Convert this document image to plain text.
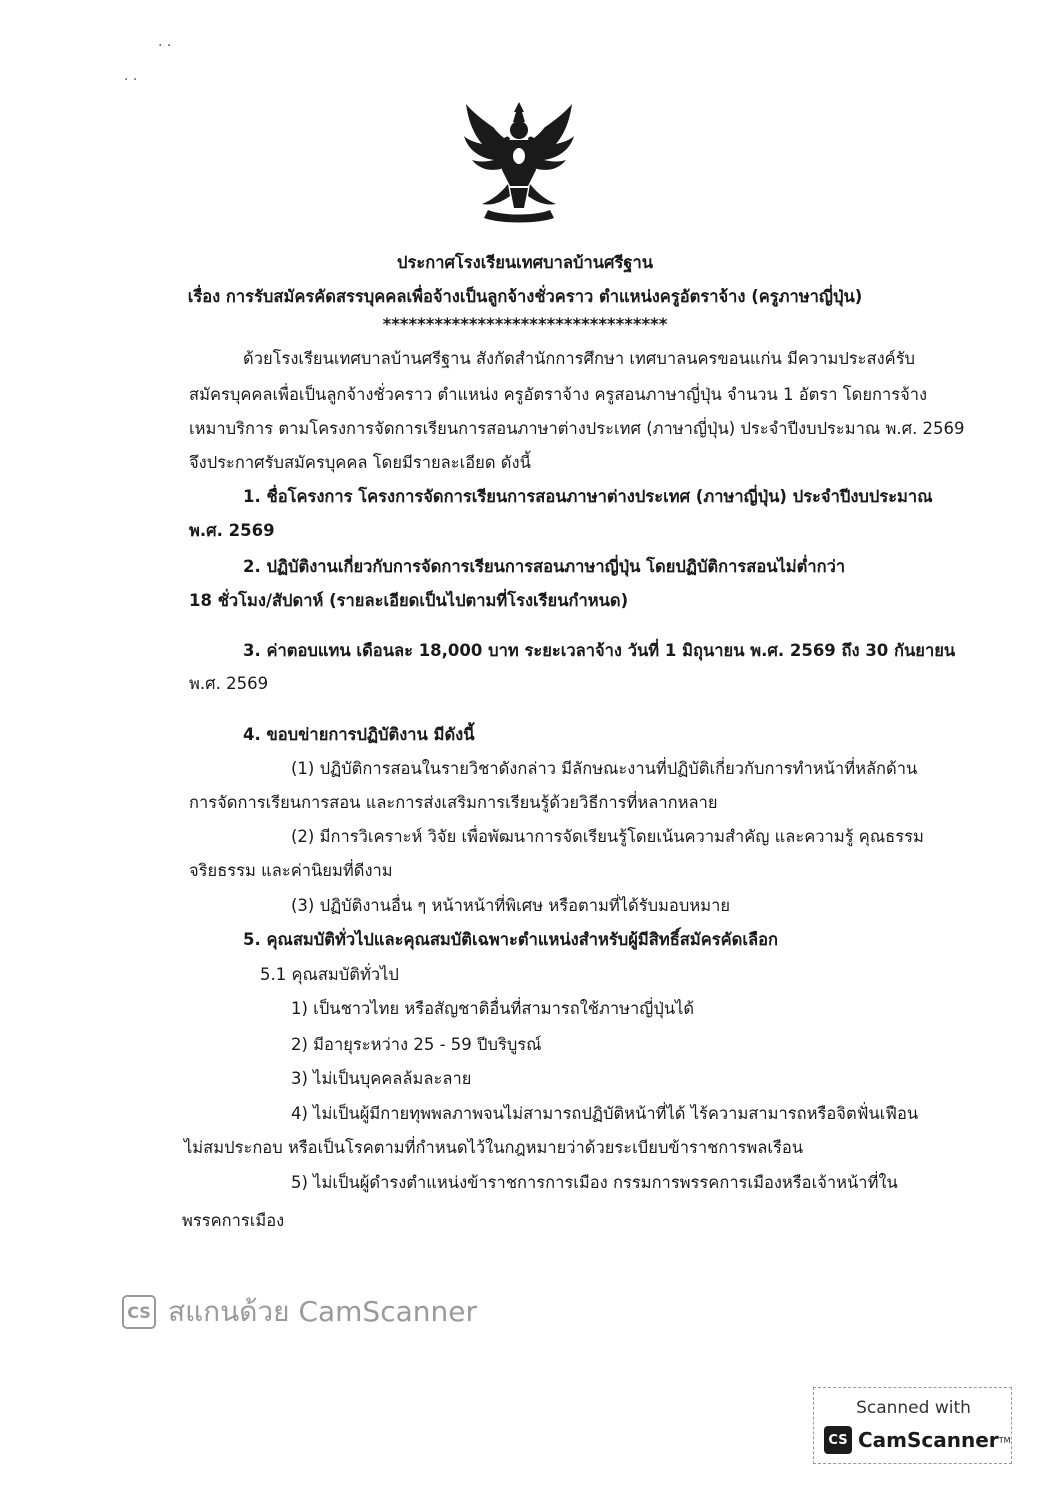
· ·
· ·
ประกาศโรงเรียนเทศบาลบ้านศรีฐาน
เรื่อง การรับสมัครคัดสรรบุคคลเพื่อจ้างเป็นลูกจ้างชั่วคราว ตำแหน่งครูอัตราจ้าง (ครูภาษาญี่ปุ่น)
*********************************
ด้วยโรงเรียนเทศบาลบ้านศรีฐาน สังกัดสำนักการศึกษา เทศบาลนครขอนแก่น มีความประสงค์รับ
สมัครบุคคลเพื่อเป็นลูกจ้างชั่วคราว ตำแหน่ง ครูอัตราจ้าง ครูสอนภาษาญี่ปุ่น จำนวน 1 อัตรา โดยการจ้าง
เหมาบริการ ตามโครงการจัดการเรียนการสอนภาษาต่างประเทศ (ภาษาญี่ปุ่น) ประจำปีงบประมาณ พ.ศ. 2569
จึงประกาศรับสมัครบุคคล โดยมีรายละเอียด ดังนี้
1. ชื่อโครงการ โครงการจัดการเรียนการสอนภาษาต่างประเทศ (ภาษาญี่ปุ่น) ประจำปีงบประมาณ
พ.ศ. 2569
2. ปฏิบัติงานเกี่ยวกับการจัดการเรียนการสอนภาษาญี่ปุ่น โดยปฏิบัติการสอนไม่ต่ำกว่า
18 ชั่วโมง/สัปดาห์ (รายละเอียดเป็นไปตามที่โรงเรียนกำหนด)
3. ค่าตอบแทน เดือนละ 18,000 บาท ระยะเวลาจ้าง วันที่ 1 มิถุนายน พ.ศ. 2569 ถึง 30 กันยายน
พ.ศ. 2569
4. ขอบข่ายการปฏิบัติงาน มีดังนี้
(1) ปฏิบัติการสอนในรายวิชาดังกล่าว มีลักษณะงานที่ปฏิบัติเกี่ยวกับการทำหน้าที่หลักด้าน
การจัดการเรียนการสอน และการส่งเสริมการเรียนรู้ด้วยวิธีการที่หลากหลาย
(2) มีการวิเคราะห์ วิจัย เพื่อพัฒนาการจัดเรียนรู้โดยเน้นความสำคัญ และความรู้ คุณธรรม
จริยธรรม และค่านิยมที่ดีงาม
(3) ปฏิบัติงานอื่น ๆ หน้าหน้าที่พิเศษ หรือตามที่ได้รับมอบหมาย
5. คุณสมบัติทั่วไปและคุณสมบัติเฉพาะตำแหน่งสำหรับผู้มีสิทธิ์สมัครคัดเลือก
5.1 คุณสมบัติทั่วไป
1) เป็นชาวไทย หรือสัญชาติอื่นที่สามารถใช้ภาษาญี่ปุ่นได้
2) มีอายุระหว่าง 25 - 59 ปีบริบูรณ์
3) ไม่เป็นบุคคลล้มละลาย
4) ไม่เป็นผู้มีกายทุพพลภาพจนไม่สามารถปฏิบัติหน้าที่ได้ ไร้ความสามารถหรือจิตฟั่นเฟือน
ไม่สมประกอบ หรือเป็นโรคตามที่กำหนดไว้ในกฎหมายว่าด้วยระเบียบข้าราชการพลเรือน
5) ไม่เป็นผู้ดำรงตำแหน่งข้าราชการการเมือง กรรมการพรรคการเมืองหรือเจ้าหน้าที่ใน
พรรคการเมือง
CS สแกนด้วย CamScanner
Scanned with
CS CamScanner TM
